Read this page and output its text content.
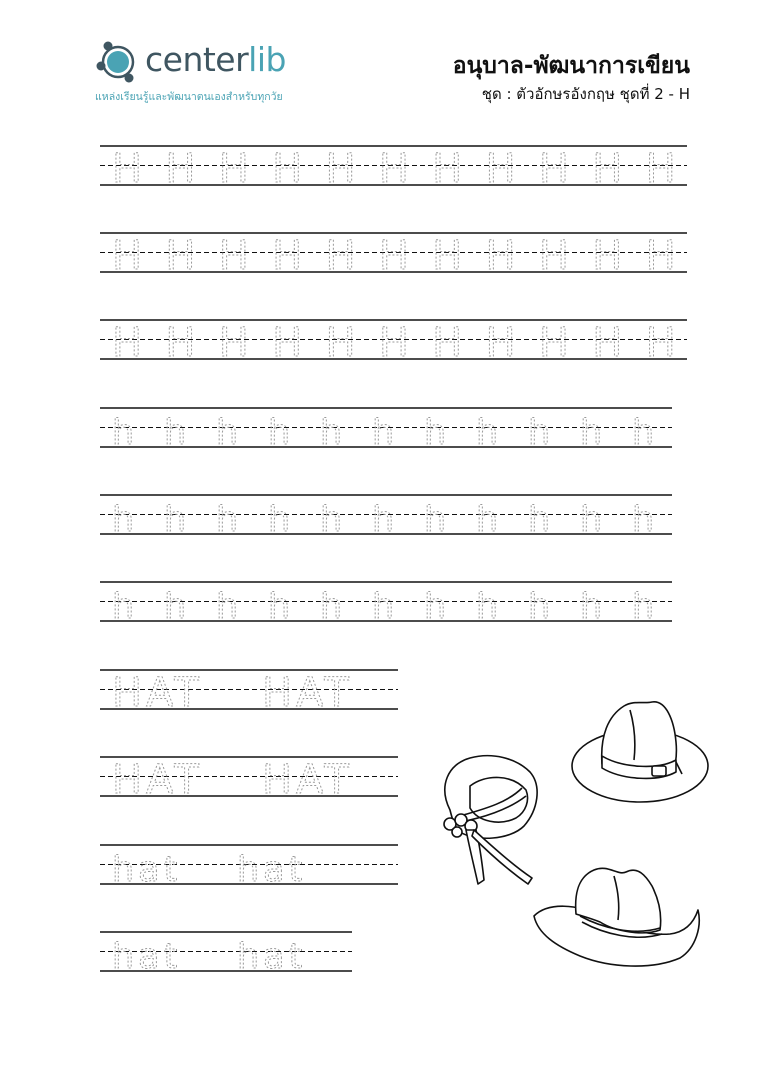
centerlib
แหล่งเรียนรู้และพัฒนาตนเองสำหรับทุกวัย
อนุบาล-พัฒนาการเขียน
ชุด : ตัวอักษรอังกฤษ ชุดที่ 2 - H
H H H H H H H H H H H
H H H H H H H H H H H
H H H H H H H H H H H
h h h h h h h h h h h
h h h h h h h h h h h
h h h h h h h h h h h
HAT HAT
HAT HAT
hat hat
hat hat
